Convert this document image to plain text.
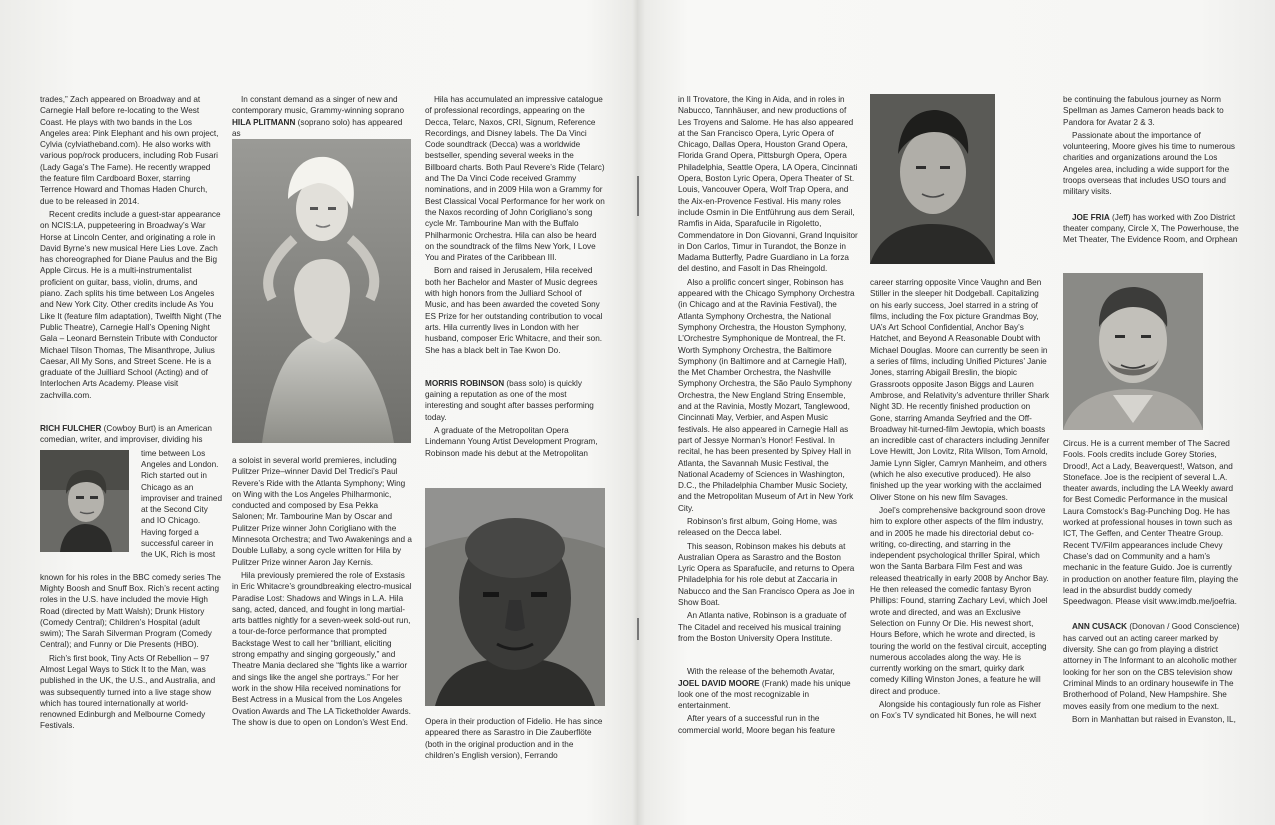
trades,” Zach appeared on Broadway and at Carnegie Hall before re-locating to the West Coast. He plays with two bands in the Los Angeles area: Pink Elephant and his own project, Cylvia (cylviatheband.com). He also works with various pop/rock producers, including Rob Fusari (Lady Gaga’s The Fame). He recently wrapped the feature film Cardboard Boxer, starring Terrence Howard and Thomas Haden Church, due to be released in 2014.

Recent credits include a guest-star appearance on NCIS:LA, puppeteering in Broadway’s War Horse at Lincoln Center, and originating a role in David Byrne’s new musical Here Lies Love. Zach has choreographed for Diane Paulus and the Big Apple Circus. He is a multi-instrumentalist proficient on guitar, bass, violin, drums, and piano. Zach splits his time between Los Angeles and New York City. Other credits include As You Like It (feature film adaptation), Twelfth Night (The Public Theatre), Carnegie Hall’s Opening Night Gala – Leonard Bernstein Tribute with Conductor Michael Tilson Thomas, The Misanthrope, Julius Caesar, All My Sons, and Street Scene. He is a graduate of the Juilliard School (Acting) and of Interlochen Arts Academy. Please visit zachvilla.com.

RICH FULCHER (Cowboy Burt) is an American comedian, writer, and improviser, dividing his

time between Los Angeles and London. Rich started out in Chicago as an improviser and trained at the Second City and IO Chicago. Having forged a successful career in the UK, Rich is most

known for his roles in the BBC comedy series The Mighty Boosh and Snuff Box. Rich’s recent acting roles in the U.S. have included the movie High Road (directed by Matt Walsh); Drunk History (Comedy Central); Children’s Hospital (adult swim); The Sarah Silverman Program (Comedy Central); and Funny or Die Presents (HBO).

Rich’s first book, Tiny Acts Of Rebellion – 97 Almost Legal Ways to Stick It to the Man, was published in the UK, the U.S., and Australia, and was subsequently turned into a live stage show which has toured internationally at world-renowned Edinburgh and Melbourne Comedy Festivals.

In constant demand as a singer of new and contemporary music, Grammy-winning soprano HILA PLITMANN (soprano solo) has appeared as

a soloist in several world premieres, including Pulitzer Prize–winner David Del Tredici’s Paul Revere’s Ride with the Atlanta Symphony; Wing on Wing with the Los Angeles Philharmonic, conducted and composed by Esa Pekka Salonen; Mr. Tambourine Man by Oscar and Pulitzer Prize winner John Corigliano with the Minnesota Orchestra; and Two Awakenings and a Double Lullaby, a song cycle written for Hila by Pulitzer Prize winner Aaron Jay Kernis.

Hila previously premiered the role of Exstasis in Eric Whitacre’s groundbreaking electro-musical Paradise Lost: Shadows and Wings in L.A. Hila sang, acted, danced, and fought in long martial-arts battles nightly for a seven-week sold-out run, a tour-de-force performance that prompted Backstage West to call her “brilliant, eliciting strong empathy and singing gorgeously,” and Theatre Mania declared she “fights like a warrior and sings like the angel she portrays.” For her work in the show Hila received nominations for Best Actress in a Musical from the Los Angeles Ovation Awards and The LA Ticketholder Awards. The show is due to open on London’s West End.

Hila has accumulated an impressive catalogue of professional recordings, appearing on the Decca, Telarc, Naxos, CRI, Signum, Reference Recordings, and Disney labels. The Da Vinci Code soundtrack (Decca) was a worldwide bestseller, spending several weeks in the Billboard charts. Both Paul Revere’s Ride (Telarc) and The Da Vinci Code received Grammy nominations, and in 2009 Hila won a Grammy for Best Classical Vocal Performance for her work on the Naxos recording of John Corigliano’s song cycle Mr. Tambourine Man with the Buffalo Philharmonic Orchestra. Hila can also be heard on the soundtrack of the films New York, I Love You and Pirates of the Caribbean III.

Born and raised in Jerusalem, Hila received both her Bachelor and Master of Music degrees with high honors from the Julliard School of Music, and has been awarded the coveted Sony ES Prize for her outstanding contribution to vocal arts. Hila currently lives in London with her husband, composer Eric Whitacre, and their son. She has a black belt in Tae Kwon Do.

MORRIS ROBINSON (bass solo) is quickly gaining a reputation as one of the most interesting and sought after basses performing today.

A graduate of the Metropolitan Opera Lindemann Young Artist Development Program, Robinson made his debut at the Metropolitan

Opera in their production of Fidelio. He has since appeared there as Sarastro in Die Zauberflöte (both in the original production and in the children’s English version), Ferrando

in Il Trovatore, the King in Aida, and in roles in Nabucco, Tannhäuser, and new productions of Les Troyens and Salome. He has also appeared at the San Francisco Opera, Lyric Opera of Chicago, Dallas Opera, Houston Grand Opera, Florida Grand Opera, Pittsburgh Opera, Opera Philadelphia, Seattle Opera, LA Opera, Cincinnati Opera, Boston Lyric Opera, Opera Theater of St. Louis, Vancouver Opera, Wolf Trap Opera, and the Aix-en-Provence Festival. His many roles include Osmin in Die Entführung aus dem Serail, Ramfis in Aida, Sparafucile in Rigoletto, Commendatore in Don Giovanni, Grand Inquisitor in Don Carlos, Timur in Turandot, the Bonze in Madama Butterfly, Padre Guardiano in La forza del destino, and Fasolt in Das Rheingold.

Also a prolific concert singer, Robinson has appeared with the Chicago Symphony Orchestra (in Chicago and at the Ravinia Festival), the Atlanta Symphony Orchestra, the National Symphony Orchestra, the Houston Symphony, L’Orchestre Symphonique de Montreal, the Ft. Worth Symphony Orchestra, the Baltimore Symphony (in Baltimore and at Carnegie Hall), the Met Chamber Orchestra, the Nashville Symphony Orchestra, the São Paulo Symphony Orchestra, the New England String Ensemble, and at the Ravinia, Mostly Mozart, Tanglewood, Cincinnati May, Verbier, and Aspen Music festivals. He also appeared in Carnegie Hall as part of Jessye Norman’s Honor! Festival. In recital, he has been presented by Spivey Hall in Atlanta, the Savannah Music Festival, the National Academy of Sciences in Washington, D.C., the Philadelphia Chamber Music Society, and the Metropolitan Museum of Art in New York City.

Robinson’s first album, Going Home, was released on the Decca label.

This season, Robinson makes his debuts at Australian Opera as Sarastro and the Boston Lyric Opera as Sparafucile, and returns to Opera Philadelphia for his role debut at Zaccaria in Nabucco and the San Francisco Opera as Joe in Show Boat.

An Atlanta native, Robinson is a graduate of The Citadel and received his musical training from the Boston University Opera Institute.

With the release of the behemoth Avatar, JOEL DAVID MOORE (Frank) made his unique look one of the most recognizable in entertainment.

After years of a successful run in the commercial world, Moore began his feature

career starring opposite Vince Vaughn and Ben Stiller in the sleeper hit Dodgeball. Capitalizing on his early success, Joel starred in a string of films, including the Fox picture Grandmas Boy, UA’s Art School Confidential, Anchor Bay’s Hatchet, and Beyond A Reasonable Doubt with Michael Douglas. Moore can currently be seen in a series of films, including Unified Pictures’ Janie Jones, starring Abigail Breslin, the biopic Grassroots opposite Jason Biggs and Lauren Ambrose, and Relativity’s adventure thriller Shark Night 3D. He recently finished production on Gone, starring Amanda Seyfried and the Off-Broadway hit-turned-film Jewtopia, which boasts an incredible cast of characters including Jennifer Love Hewitt, Jon Lovitz, Rita Wilson, Tom Arnold, Jamie Lynn Sigler, Camryn Manheim, and others (which he also executive produced). He also finished up the year working with the acclaimed Oliver Stone on his new film Savages.

Joel’s comprehensive background soon drove him to explore other aspects of the film industry, and in 2005 he made his directorial debut co-writing, co-directing, and starring in the independent psychological thriller Spiral, which won the Santa Barbara Film Fest and was released theatrically in early 2008 by Anchor Bay. He then released the comedic fantasy Byron Phillips: Found, starring Zachary Levi, which Joel wrote and directed, and was an Exclusive Selection on Funny Or Die. His newest short, Hours Before, which he wrote and directed, is touring the world on the festival circuit, accepting numerous accolades along the way. He is currently working on the smart, quirky dark comedy Killing Winston Jones, a feature he will direct and produce.

Alongside his contagiously fun role as Fisher on Fox’s TV syndicated hit Bones, he will next

be continuing the fabulous journey as Norm Spellman as James Cameron heads back to Pandora for Avatar 2 & 3.

Passionate about the importance of volunteering, Moore gives his time to numerous charities and organizations around the Los Angeles area, including a wide support for the troops overseas that includes USO tours and military visits.

JOE FRIA (Jeff) has worked with Zoo District theater company, Circle X, The Powerhouse, the Met Theater, The Evidence Room, and Orphean

Circus. He is a current member of The Sacred Fools. Fools credits include Gorey Stories, Drood!, Act a Lady, Beaverquest!, Watson, and Stoneface. Joe is the recipient of several L.A. theater awards, including the LA Weekly award for Best Comedic Performance in the musical Laura Comstock’s Bag-Punching Dog. He has worked at professional houses in town such as ICT, The Geffen, and Center Theatre Group. Recent TV/Film appearances include Chevy Chase’s dad on Community and a ham’s mechanic in the feature Guido. Joe is currently in production on another feature film, playing the lead in the absurdist buddy comedy Speedwagon. Please visit www.imdb.me/joefria.

ANN CUSACK (Donovan / Good Conscience) has carved out an acting career marked by diversity. She can go from playing a district attorney in The Informant to an alcoholic mother looking for her son on the CBS television show Criminal Minds to an ordinary housewife in The Brotherhood of Poland, New Hampshire. She moves easily from one medium to the next.

Born in Manhattan but raised in Evanston, IL,
